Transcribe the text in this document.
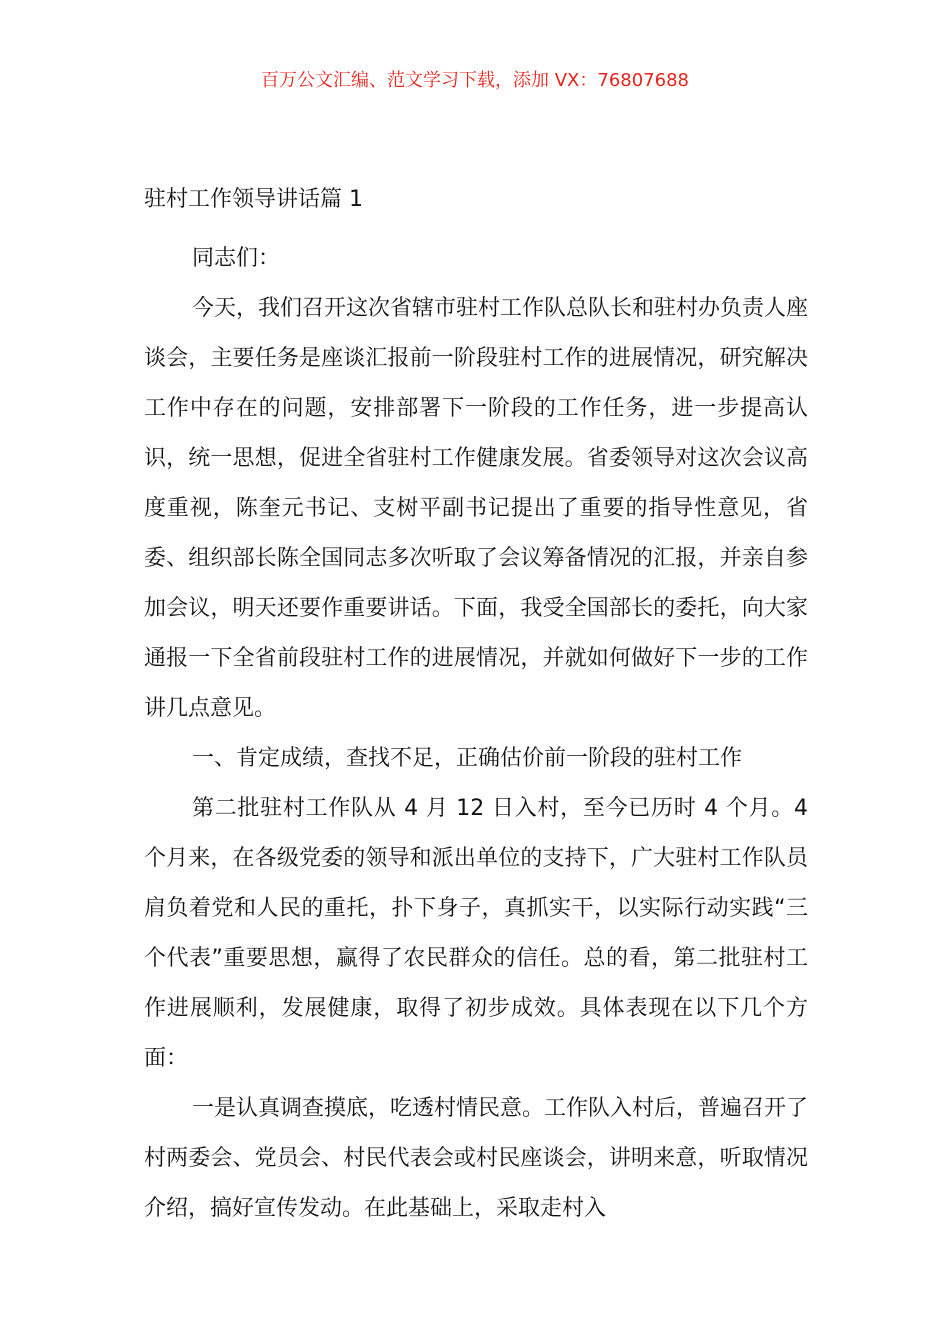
百万公文汇编、范文学习下载，添加 VX：76807688
驻村工作领导讲话篇 1

同志们：

今天，我们召开这次省辖市驻村工作队总队长和驻村办负责人座谈会，主要任务是座谈汇报前一阶段驻村工作的进展情况，研究解决工作中存在的问题，安排部署下一阶段的工作任务，进一步提高认识，统一思想，促进全省驻村工作健康发展。省委领导对这次会议高度重视，陈奎元书记、支树平副书记提出了重要的指导性意见，省委、组织部长陈全国同志多次听取了会议筹备情况的汇报，并亲自参加会议，明天还要作重要讲话。下面，我受全国部长的委托，向大家通报一下全省前段驻村工作的进展情况，并就如何做好下一步的工作讲几点意见。

一、肯定成绩，查找不足，正确估价前一阶段的驻村工作

第二批驻村工作队从 4 月 12 日入村，至今已历时 4 个月。4 个月来，在各级党委的领导和派出单位的支持下，广大驻村工作队员肩负着党和人民的重托，扑下身子，真抓实干，以实际行动实践“三个代表”重要思想，赢得了农民群众的信任。总的看，第二批驻村工作进展顺利，发展健康，取得了初步成效。具体表现在以下几个方面：

一是认真调查摸底，吃透村情民意。工作队入村后，普遍召开了村两委会、党员会、村民代表会或村民座谈会，讲明来意，听取情况介绍，搞好宣传发动。在此基础上，采取走村入
